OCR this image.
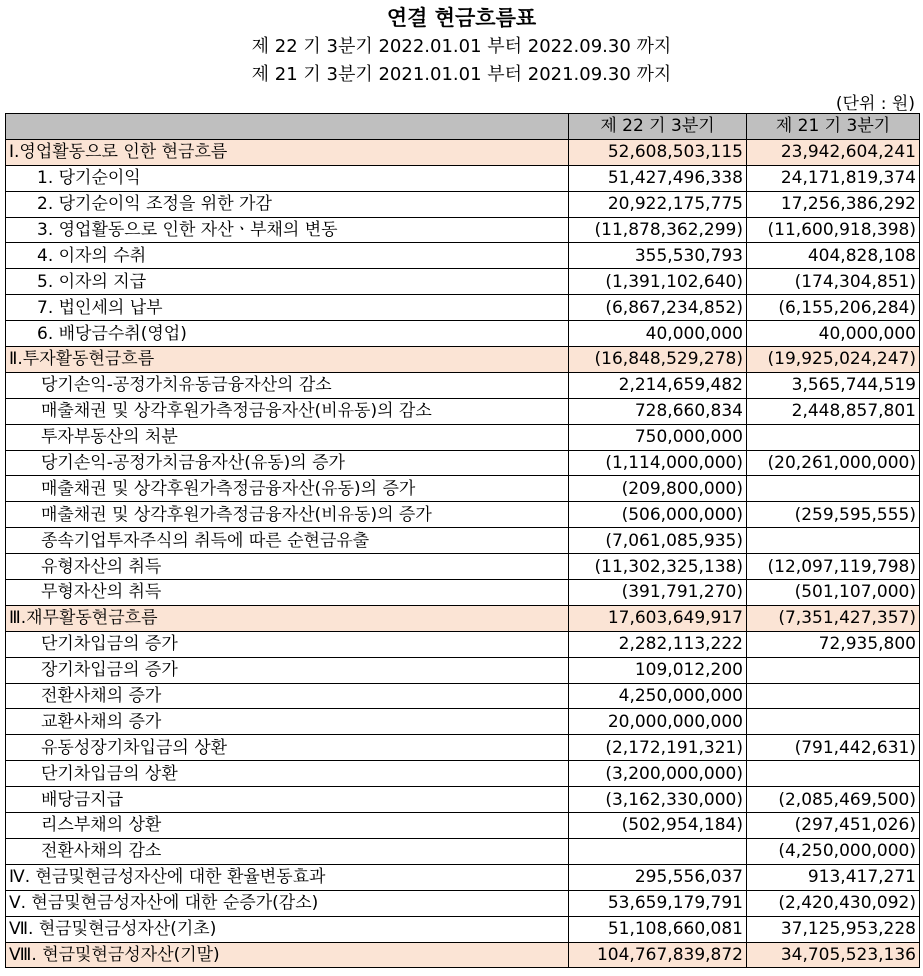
연결 현금흐름표
제 22 기 3분기 2022.01.01 부터 2022.09.30 까지
제 21 기 3분기 2021.01.01 부터 2021.09.30 까지
(단위 : 원)
	제 22 기 3분기	제 21 기 3분기
Ⅰ.영업활동으로 인한 현금흐름	52,608,503,115	23,942,604,241
1. 당기순이익	51,427,496,338	24,171,819,374
2. 당기순이익 조정을 위한 가감	20,922,175,775	17,256,386,292
3. 영업활동으로 인한 자산ㆍ부채의 변동	(11,878,362,299)	(11,600,918,398)
4. 이자의 수취	355,530,793	404,828,108
5. 이자의 지급	(1,391,102,640)	(174,304,851)
7. 법인세의 납부	(6,867,234,852)	(6,155,206,284)
6. 배당금수취(영업)	40,000,000	40,000,000
Ⅱ.투자활동현금흐름	(16,848,529,278)	(19,925,024,247)
당기손익-공정가치유동금융자산의 감소	2,214,659,482	3,565,744,519
매출채권 및 상각후원가측정금융자산(비유동)의 감소	728,660,834	2,448,857,801
투자부동산의 처분	750,000,000	
당기손익-공정가치금융자산(유동)의 증가	(1,114,000,000)	(20,261,000,000)
매출채권 및 상각후원가측정금융자산(유동)의 증가	(209,800,000)	
매출채권 및 상각후원가측정금융자산(비유동)의 증가	(506,000,000)	(259,595,555)
종속기업투자주식의 취득에 따른 순현금유출	(7,061,085,935)	
유형자산의 취득	(11,302,325,138)	(12,097,119,798)
무형자산의 취득	(391,791,270)	(501,107,000)
Ⅲ.재무활동현금흐름	17,603,649,917	(7,351,427,357)
단기차입금의 증가	2,282,113,222	72,935,800
장기차입금의 증가	109,012,200	
전환사채의 증가	4,250,000,000	
교환사채의 증가	20,000,000,000	
유동성장기차입금의 상환	(2,172,191,321)	(791,442,631)
단기차입금의 상환	(3,200,000,000)	
배당금지급	(3,162,330,000)	(2,085,469,500)
리스부채의 상환	(502,954,184)	(297,451,026)
전환사채의 감소		(4,250,000,000)
Ⅳ. 현금및현금성자산에 대한 환율변동효과	295,556,037	913,417,271
Ⅴ. 현금및현금성자산에 대한 순증가(감소)	53,659,179,791	(2,420,430,092)
Ⅶ. 현금및현금성자산(기초)	51,108,660,081	37,125,953,228
Ⅷ. 현금및현금성자산(기말)	104,767,839,872	34,705,523,136
